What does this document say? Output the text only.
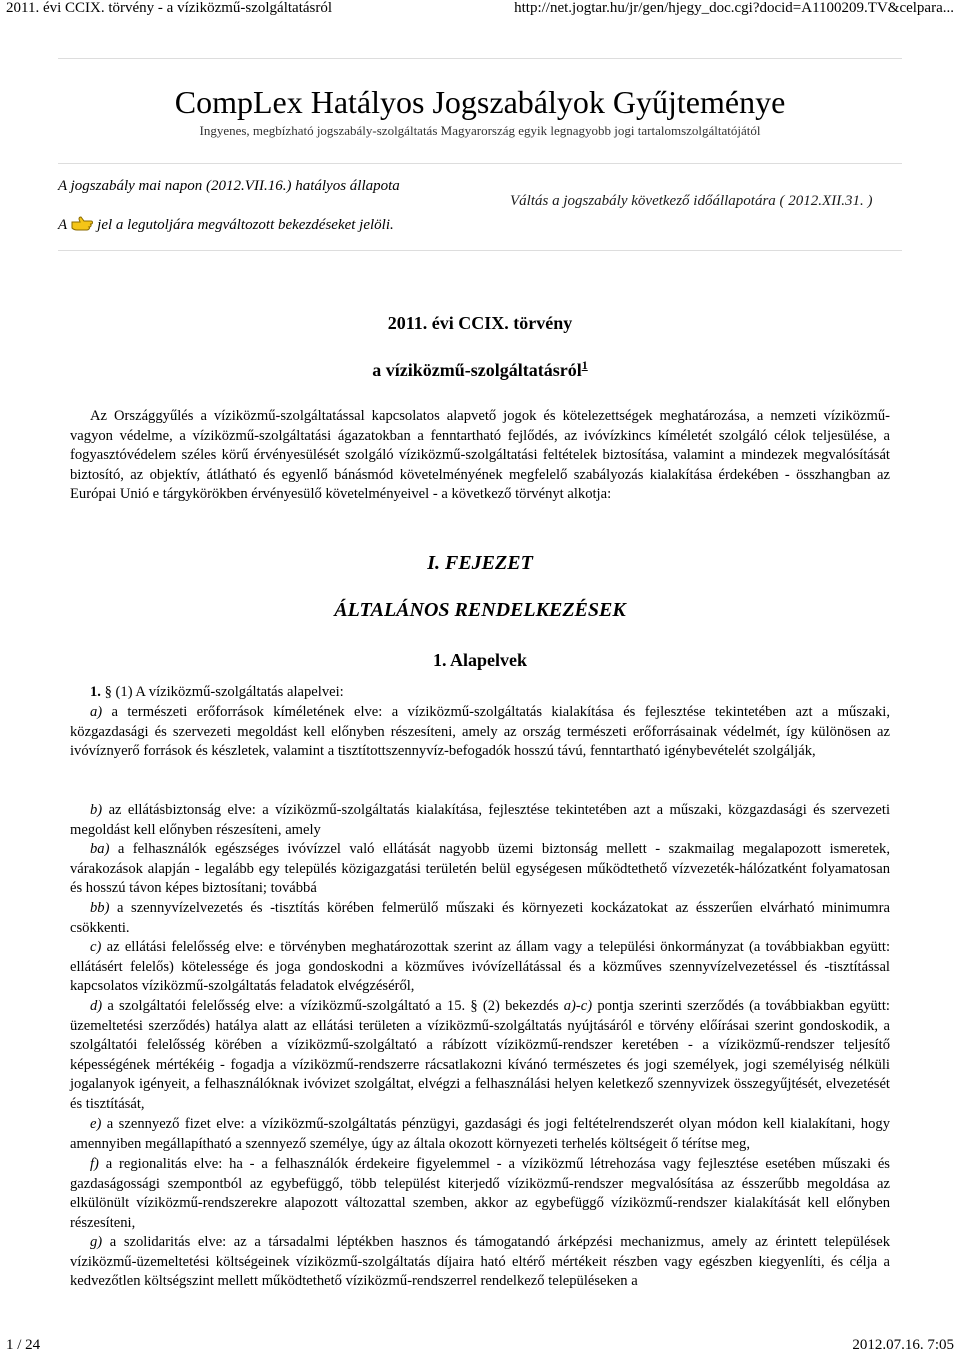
2011. évi CCIX. törvény - a víziközmű-szolgáltatásról	http://net.jogtar.hu/jr/gen/hjegy_doc.cgi?docid=A1100209.TV&celpara...
CompLex Hatályos Jogszabályok Gyűjteménye
Ingyenes, megbízható jogszabály-szolgáltatás Magyarország egyik legnagyobb jogi tartalomszolgáltatójától
A jogszabály mai napon (2012.VII.16.) hatályos állapota
A jel a legutoljára megváltozott bekezdéseket jelöli.
Váltás a jogszabály következő időállapotára ( 2012.XII.31. )
2011. évi CCIX. törvény
a víziközmű-szolgáltatásról$^1$
Az Országgyűlés a víziközmű-szolgáltatással kapcsolatos alapvető jogok és kötelezettségek meghatározása, a nemzeti víziközmű-vagyon védelme, a víziközmű-szolgáltatási ágazatokban a fenntartható fejlődés, az ivóvízkincs kíméletét szolgáló célok teljesülése, a fogyasztóvédelem széles körű érvényesülését szolgáló víziközmű-szolgáltatási feltételek biztosítása, valamint a mindezek megvalósítását biztosító, az objektív, átlátható és egyenlő bánásmód követelményének megfelelő szabályozás kialakítása érdekében - összhangban az Európai Unió e tárgykörökben érvényesülő követelményeivel - a következő törvényt alkotja:
I. FEJEZET
ÁLTALÁNOS RENDELKEZÉSEK
1. Alapelvek
1. § (1) A víziközmű-szolgáltatás alapelvei:
a) a természeti erőforrások kíméletének elve: a víziközmű-szolgáltatás kialakítása és fejlesztése tekintetében azt a műszaki, közgazdasági és szervezeti megoldást kell előnyben részesíteni, amely az ország természeti erőforrásainak védelmét, így különösen az ivóvíznyerő források és készletek, valamint a tisztítottszennyvíz-befogadók hosszú távú, fenntartható igénybevételét szolgálják,
b) az ellátásbiztonság elve: a víziközmű-szolgáltatás kialakítása, fejlesztése tekintetében azt a műszaki, közgazdasági és szervezeti megoldást kell előnyben részesíteni, amely
ba) a felhasználók egészséges ivóvízzel való ellátását nagyobb üzemi biztonság mellett - szakmailag megalapozott ismeretek, várakozások alapján - legalább egy település közigazgatási területén belül egységesen működtethető vízvezeték-hálózatként folyamatosan és hosszú távon képes biztosítani; továbbá
bb) a szennyvízelvezetés és -tisztítás körében felmerülő műszaki és környezeti kockázatokat az ésszerűen elvárható minimumra csökkenti.
c) az ellátási felelősség elve: e törvényben meghatározottak szerint az állam vagy a települési önkormányzat (a továbbiakban együtt: ellátásért felelős) kötelessége és joga gondoskodni a közműves ivóvízellátással és a közműves szennyvízelvezetéssel és -tisztítással kapcsolatos víziközmű-szolgáltatás feladatok elvégzéséről,
d) a szolgáltatói felelősség elve: a víziközmű-szolgáltató a 15. § (2) bekezdés a)-c) pontja szerinti szerződés (a továbbiakban együtt: üzemeltetési szerződés) hatálya alatt az ellátási területen a víziközmű-szolgáltatás nyújtásáról e törvény előírásai szerint gondoskodik, a szolgáltatói felelősség körében a víziközmű-szolgáltató a rábízott víziközmű-rendszer keretében - a víziközmű-rendszer teljesítő képességének mértékéig - fogadja a víziközmű-rendszerre rácsatlakozni kívánó természetes és jogi személyek, jogi személyiség nélküli jogalanyok igényeit, a felhasználóknak ivóvizet szolgáltat, elvégzi a felhasználási helyen keletkező szennyvizek összegyűjtését, elvezetését és tisztítását,
e) a szennyező fizet elve: a víziközmű-szolgáltatás pénzügyi, gazdasági és jogi feltételrendszerét olyan módon kell kialakítani, hogy amennyiben megállapítható a szennyező személye, úgy az általa okozott környezeti terhelés költségeit ő térítse meg,
f) a regionalitás elve: ha - a felhasználók érdekeire figyelemmel - a víziközmű létrehozása vagy fejlesztése esetében műszaki és gazdaságossági szempontból az egybefüggő, több települést kiterjedő víziközmű-rendszer megvalósítása az ésszerűbb megoldása az elkülönült víziközmű-rendszerekre alapozott változattal szemben, akkor az egybefüggő víziközmű-rendszer kialakítását kell előnyben részesíteni,
g) a szolidaritás elve: az a társadalmi léptékben hasznos és támogatandó árképzési mechanizmus, amely az érintett települések víziközmű-üzemeltetési költségeinek víziközmű-szolgáltatás díjaira ható eltérő mértékeit részben vagy egészben kiegyenlíti, és célja a kedvezőtlen költségszint mellett működtethető víziközmű-rendszerrel rendelkező településeken a
1 / 24	2012.07.16. 7:05
